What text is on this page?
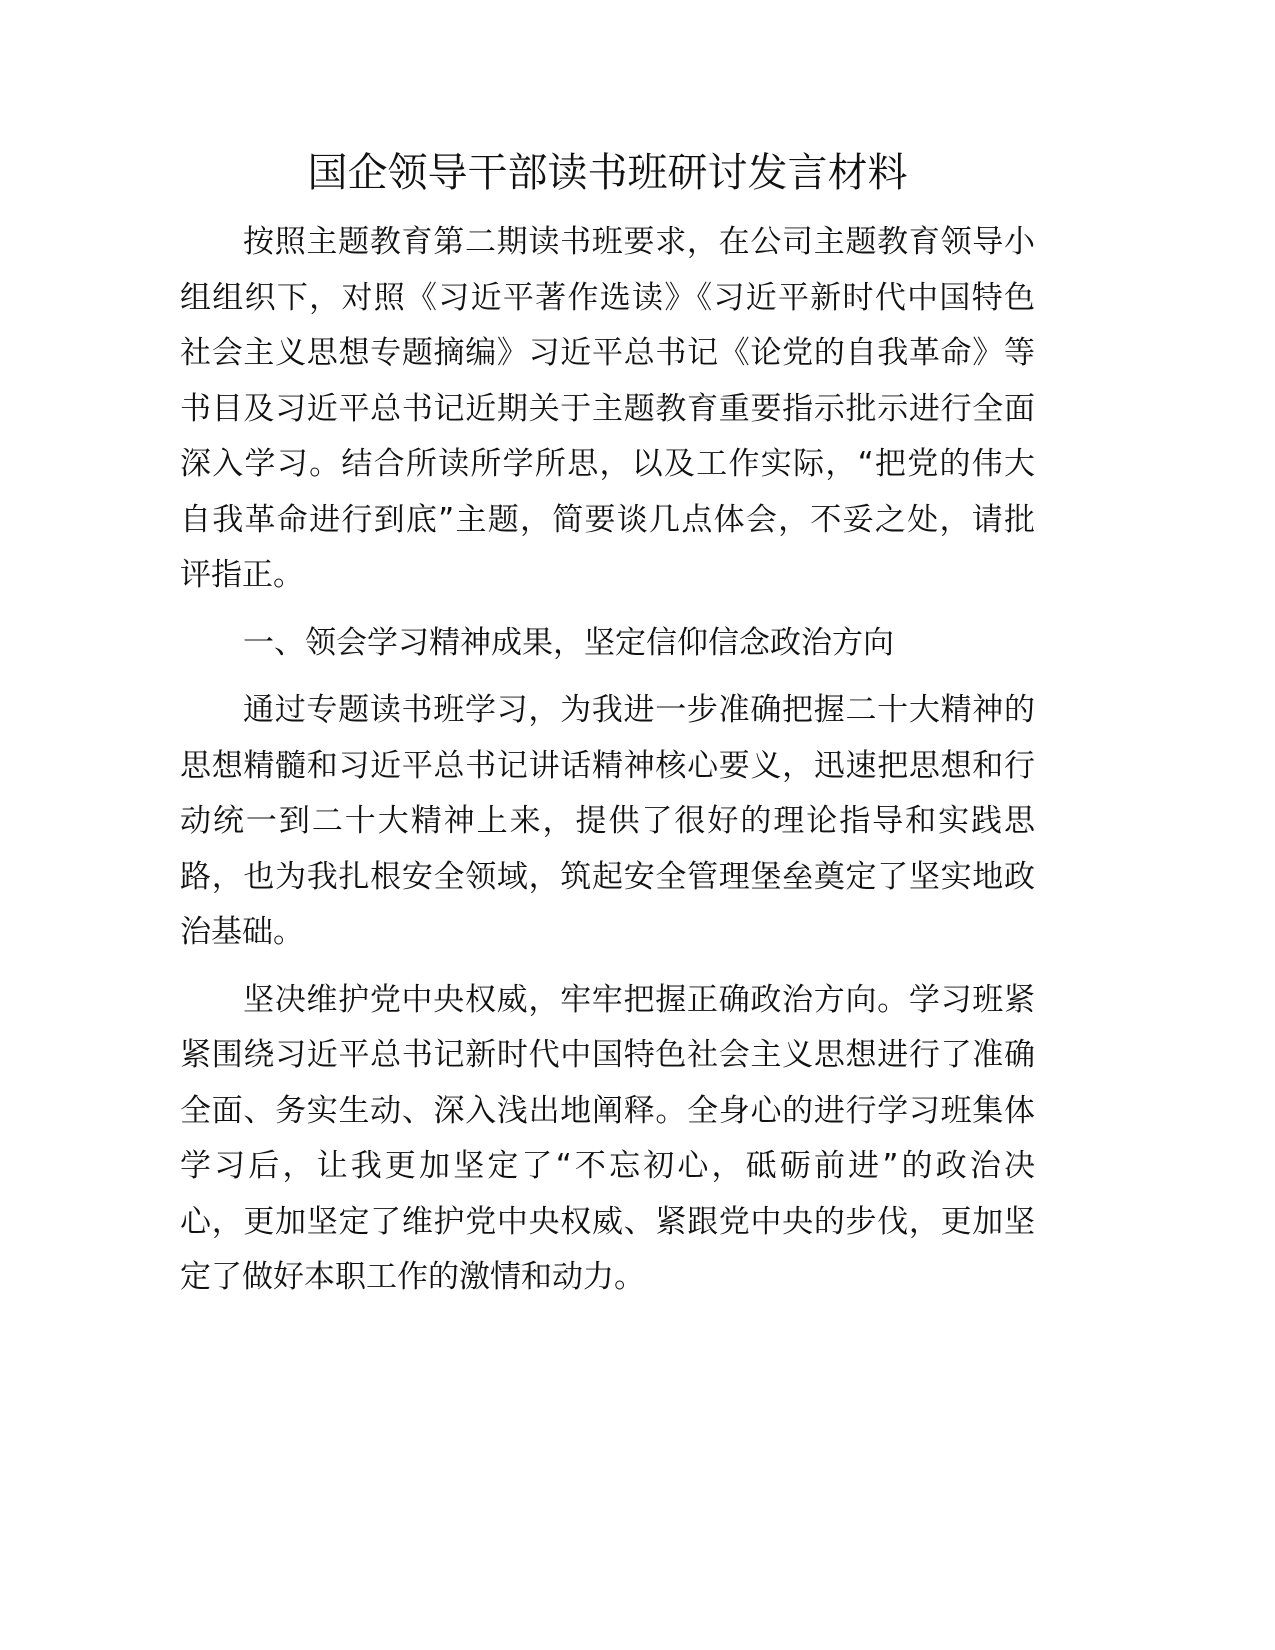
国企领导干部读书班研讨发言材料
按照主题教育第二期读书班要求，在公司主题教育领导小
组组织下，对照《习近平著作选读》《习近平新时代中国特色
社会主义思想专题摘编》习近平总书记《论党的自我革命》等
书目及习近平总书记近期关于主题教育重要指示批示进行全面
深入学习。结合所读所学所思，以及工作实际，“把党的伟大
自我革命进行到底”主题，简要谈几点体会，不妥之处，请批
评指正。
一、领会学习精神成果，坚定信仰信念政治方向
通过专题读书班学习，为我进一步准确把握二十大精神的
思想精髓和习近平总书记讲话精神核心要义，迅速把思想和行
动统一到二十大精神上来，提供了很好的理论指导和实践思
路，也为我扎根安全领域，筑起安全管理堡垒奠定了坚实地政
治基础。
坚决维护党中央权威，牢牢把握正确政治方向。学习班紧
紧围绕习近平总书记新时代中国特色社会主义思想进行了准确
全面、务实生动、深入浅出地阐释。全身心的进行学习班集体
学习后，让我更加坚定了“不忘初心，砥砺前进”的政治决
心，更加坚定了维护党中央权威、紧跟党中央的步伐，更加坚
定了做好本职工作的激情和动力。
